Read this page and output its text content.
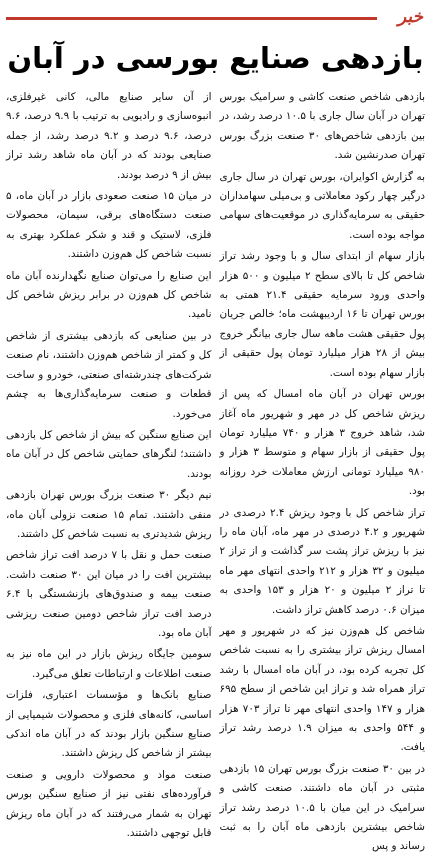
خبر
بازدهی صنایع بورسی در آبان

بازدهی شاخص صنعت کاشی و سرامیک بورس تهران در آبان سال جاری با ۱۰.۵ درصد رشد، در بین بازدهی شاخص‌های ۳۰ صنعت بزرگ بورس تهران صدرنشین شد.

به گزارش اکوایران، بورس تهران در سال جاری درگیر چهار رکود معاملاتی و بی‌میلی سهامداران حقیقی به سرمایه‌گذاری در موقعیت‌های سهامی مواجه بوده است.

بازار سهام از ابتدای سال و با وجود رشد تراز شاخص کل تا بالای سطح ۲ میلیون و ۵۰۰ هزار واحدی ورود سرمایه حقیقی ۲۱.۴ همتی به بورس تهران تا ۱۶ اردیبهشت ماه؛ خالص جریان پول حقیقی هشت ماهه سال جاری بیانگر خروج بیش از ۲۸ هزار میلیارد تومان پول حقیقی از بازار سهام بوده است.

بورس تهران در آبان ماه امسال که پس از ریزش شاخص کل در مهر و شهریور ماه آغاز شد، شاهد خروج ۳ هزار و ۷۴۰ میلیارد تومان پول حقیقی از بازار سهام و متوسط ۳ هزار و ۹۸۰ میلیارد تومانی ارزش معاملات خرد روزانه بود.

تراز شاخص کل با وجود ریزش ۲.۴ درصدی در شهریور و ۴.۲ درصدی در مهر ماه، آبان ماه را نیز با ریزش تراز پشت سر گذاشت و از تراز ۲ میلیون و ۳۲ هزار و ۲۱۲ واحدی انتهای مهر ماه تا تراز ۲ میلیون و ۲۰ هزار و ۱۵۳ واحدی به میزان ۰.۶ درصد کاهش تراز داشت.

شاخص کل هم‌وزن نیز که در شهریور و مهر امسال ریزش تراز بیشتری را به نسبت شاخص کل تجربه کرده بود، در آبان ماه امسال با رشد تراز همراه شد و تراز این شاخص از سطح ۶۹۵ هزار و ۱۴۷ واحدی انتهای مهر تا تراز ۷۰۳ هزار و ۵۴۴ واحدی به میزان ۱.۹ درصد رشد تراز یافت.

در بین ۳۰ صنعت بزرگ بورس تهران ۱۵ بازدهی مثبتی در آبان ماه داشتند. صنعت کاشی و سرامیک در این میان با ۱۰.۵ درصد رشد تراز شاخص بیشترین بازدهی ماه آبان را به ثبت رساند و پس

از آن سایر صنایع مالی، کانی غیرفلزی، انبوه‌سازی و رادیویی به ترتیب با ۹.۹ درصد، ۹.۶ درصد، ۹.۶ درصد و ۹.۲ درصد رشد، از جمله صنایعی بودند که در آبان ماه شاهد رشد تراز بیش از ۹ درصد بودند.

در میان ۱۵ صنعت صعودی بازار در آبان ماه، ۵ صنعت دستگاه‌های برقی، سیمان، محصولات فلزی، لاستیک و قند و شکر عملکرد بهتری به نسبت شاخص کل هم‌وزن داشتند.

این صنایع را می‌توان صنایع نگهدارنده آبان ماه شاخص کل هم‌وزن در برابر ریزش شاخص کل نامید.

در بین صنایعی که بازدهی بیشتری از شاخص کل و کمتر از شاخص هم‌وزن داشتند، نام صنعت شرکت‌های چندرشته‌ای صنعتی، خودرو و ساخت قطعات و صنعت سرمایه‌گذاری‌ها به چشم می‌خورد.

این صنایع سنگین که بیش از شاخص کل بازدهی داشتند؛ لنگرهای حمایتی شاخص کل در آبان ماه بودند.

نیم دیگر ۳۰ صنعت بزرگ بورس تهران بازدهی منفی داشتند. تمام ۱۵ صنعت نزولی آبان ماه، ریزش شدیدتری به نسبت شاخص کل داشتند.

صنعت حمل و نقل با ۷ درصد افت تراز شاخص بیشترین افت را در میان این ۳۰ صنعت داشت. صنعت بیمه و صندوق‌های بازنشستگی با ۶.۴ درصد افت تراز شاخص دومین صنعت ریزشی آبان ماه بود.

سومین جایگاه ریزش بازار در این ماه نیز به صنعت اطلاعات و ارتباطات تعلق می‌گیرد.

صنایع بانک‌ها و مؤسسات اعتباری، فلزات اساسی، کانه‌های فلزی و محصولات شیمیایی از صنایع سنگین بازار بودند که در آبان ماه اندکی بیشتر از شاخص کل ریزش داشتند.

صنعت مواد و محصولات دارویی و صنعت فرآورده‌های نفتی نیز از صنایع سنگین بورس تهران به شمار می‌رفتند که در آبان ماه ریزش قابل توجهی داشتند.
